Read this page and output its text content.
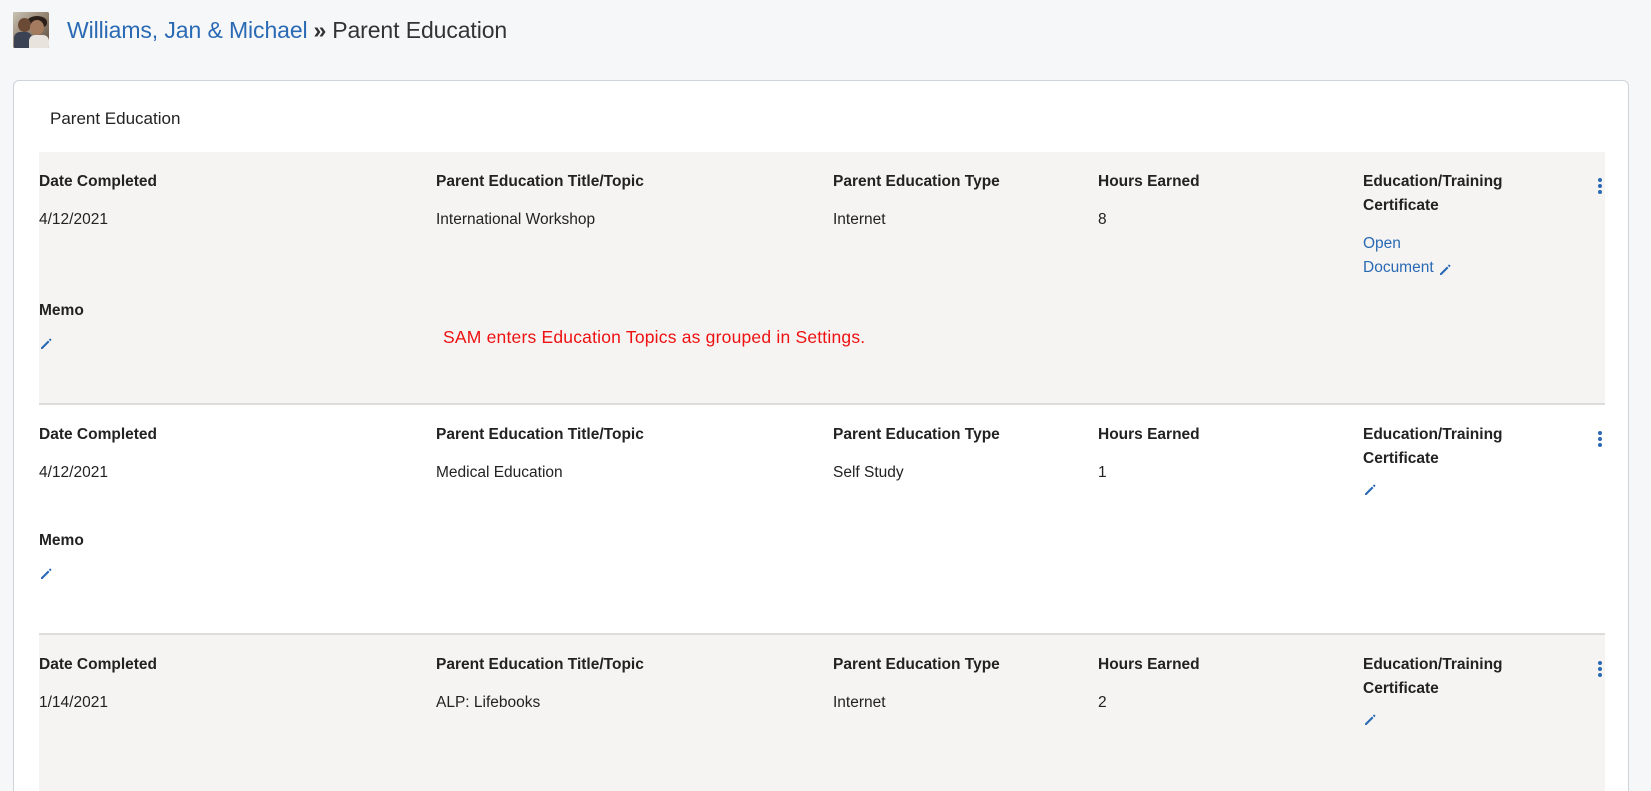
Williams, Jan & Michael » Parent Education
Parent Education
Date Completed
4/12/2021
Parent Education Title/Topic
International Workshop
Parent Education Type
Internet
Hours Earned
8
Education/Training
Certificate
Open
Document
Memo
Date Completed
4/12/2021
Parent Education Title/Topic
Medical Education
Parent Education Type
Self Study
Hours Earned
1
Education/Training
Certificate
Memo
Date Completed
1/14/2021
Parent Education Title/Topic
ALP: Lifebooks
Parent Education Type
Internet
Hours Earned
2
Education/Training
Certificate
SAM enters Education Topics as grouped in Settings.
